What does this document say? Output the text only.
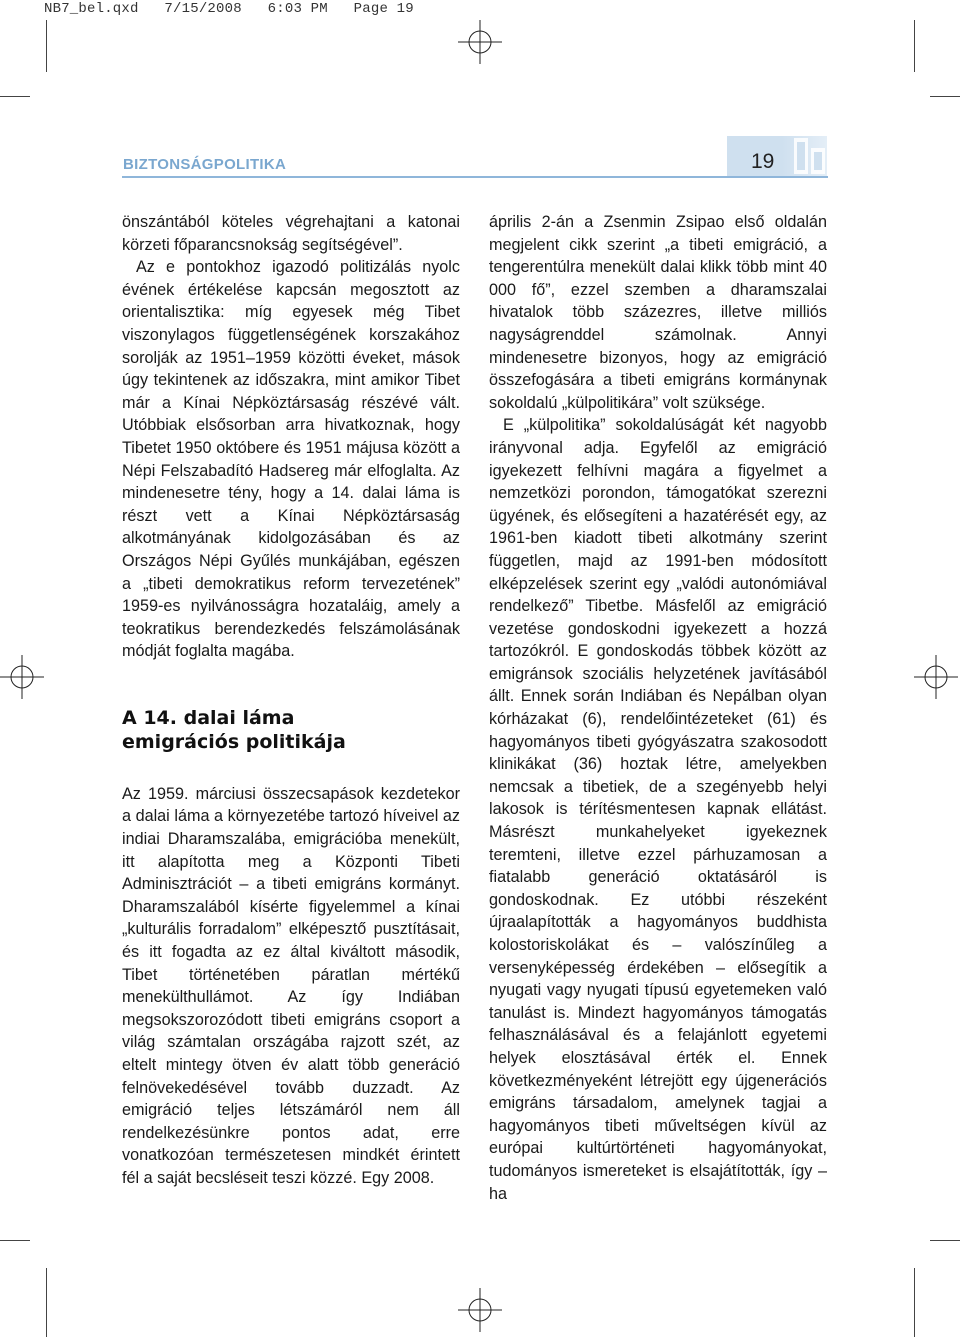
NB7_bel.qxd   7/15/2008   6:03 PM   Page 19
BIZTONSÁGPOLITIKA	19

önszántából köteles végrehajtani a katonai körzeti főparancsnokság segítségével”.

Az e pontokhoz igazodó politizálás nyolc évének értékelése kapcsán megosztott az orientalisztika: míg egyesek még Tibet viszonylagos függetlenségének korszakához sorolják az 1951–1959 közötti éveket, mások úgy tekintenek az időszakra, mint amikor Tibet már a Kínai Népköztársaság részévé vált. Utóbbiak elsősorban arra hivatkoznak, hogy Tibetet 1950 októbere és 1951 májusa között a Népi Felszabadító Hadsereg már elfoglalta. Az mindenesetre tény, hogy a 14. dalai láma is részt vett a Kínai Népköztársaság alkotmányának kidolgozásában és az Országos Népi Gyűlés munkájában, egészen a „tibeti demokratikus reform tervezetének” 1959-es nyilvánosságra hozataláig, amely a teokratikus berendezkedés felszámolásának módját foglalta magába.

A 14. dalai láma
emigrációs politikája

Az 1959. márciusi összecsapások kezdetekor a dalai láma a környezetébe tartozó híveivel az indiai Dharamszalába, emigrációba menekült, itt alapította meg a Központi Tibeti Adminisztrációt – a tibeti emigráns kormányt. Dharamszalából kísérte figyelemmel a kínai „kulturális forradalom” elképesztő pusztításait, és itt fogadta az ez által kiváltott második, Tibet történetében páratlan mértékű menekülthullámot. Az így Indiában megsokszorozódott tibeti emigráns csoport a világ számtalan országába rajzott szét, az eltelt mintegy ötven év alatt több generáció felnövekedésével tovább duzzadt. Az emigráció teljes létszámáról nem áll rendelkezésünkre pontos adat, erre vonatkozóan természetesen mindkét érintett fél a saját becsléseit teszi közzé. Egy 2008.

április 2-án a Zsenmin Zsipao első oldalán megjelent cikk szerint „a tibeti emigráció, a tengerentúlra menekült dalai klikk több mint 40 000 fő”, ezzel szemben a dharamszalai hivatalok több százezres, illetve milliós nagyságrenddel számolnak. Annyi mindenesetre bizonyos, hogy az emigráció összefogására a tibeti emigráns kormánynak sokoldalú „külpolitikára” volt szüksége.

E „külpolitika” sokoldalúságát két nagyobb irányvonal adja. Egyfelől az emigráció igyekezett felhívni magára a figyelmet a nemzetközi porondon, támogatókat szerezni ügyének, és elősegíteni a hazatérését egy, az 1961-ben kiadott tibeti alkotmány szerint független, majd az 1991-ben módosított elképzelések szerint egy „valódi autonómiával rendelkező” Tibetbe. Másfelől az emigráció vezetése gondoskodni igyekezett a hozzá tartozókról. E gondoskodás többek között az emigránsok szociális helyzetének javításából állt. Ennek során Indiában és Nepálban olyan kórházakat (6), rendelőintézeteket (61) és hagyományos tibeti gyógyászatra szakosodott klinikákat (36) hoztak létre, amelyekben nemcsak a tibetiek, de a szegényebb helyi lakosok is térítésmentesen kapnak ellátást. Másrészt munkahelyeket igyekeznek teremteni, illetve ezzel párhuzamosan a fiatalabb generáció oktatásáról is gondoskodnak. Ez utóbbi részeként újraalapították a hagyományos buddhista kolostoriskolákat és – valószínűleg a versenyképesség érdekében – elősegítik a nyugati vagy nyugati típusú egyetemeken való tanulást is. Mindezt hagyományos támogatás felhasználásával és a felajánlott egyetemi helyek elosztásával érték el. Ennek következményeként létrejött egy újgenerációs emigráns társadalom, amelynek tagjai a hagyományos tibeti műveltségen kívül az európai kultúrtörténeti hagyományokat, tudományos ismereteket is elsajátították, így – ha
